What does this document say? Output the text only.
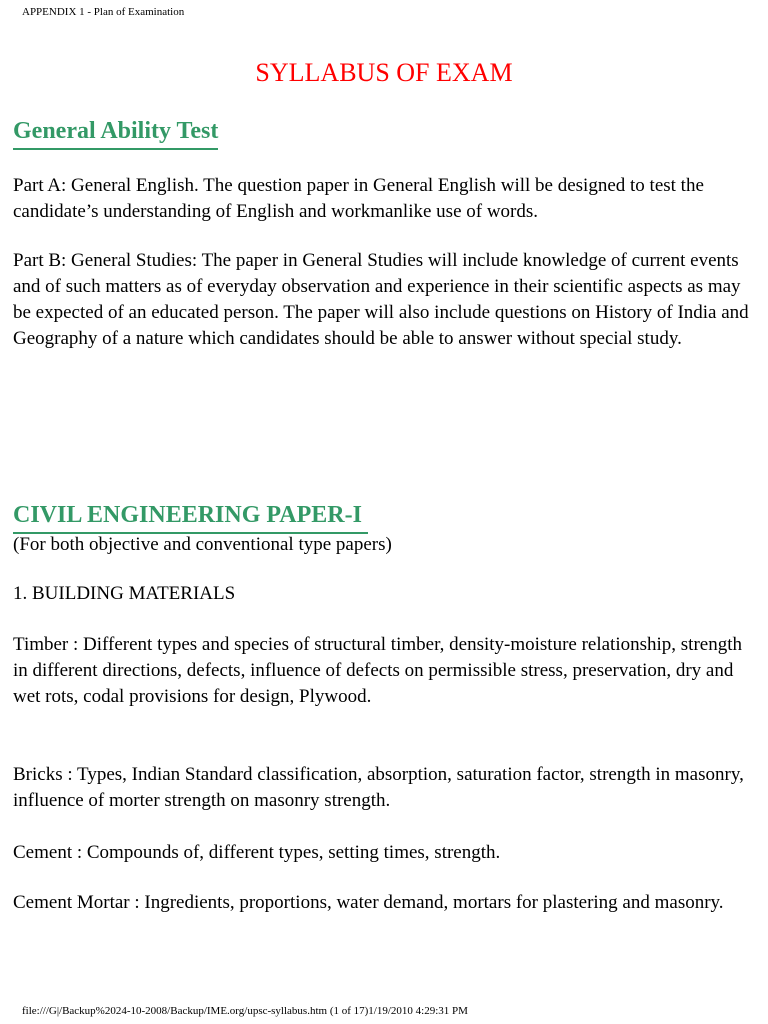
APPENDIX 1 - Plan of Examination
SYLLABUS OF EXAM
General Ability Test

Part A: General English. The question paper in General English will be designed to test the candidate’s understanding of English and workmanlike use of words.

Part B: General Studies: The paper in General Studies will include knowledge of current events and of such matters as of everyday observation and experience in their scientific aspects as may be expected of an educated person. The paper will also include questions on History of India and Geography of a nature which candidates should be able to answer without special study.

CIVIL ENGINEERING PAPER-I

(For both objective and conventional type papers)

1. BUILDING MATERIALS

Timber : Different types and species of structural timber, density-moisture relationship, strength in different directions, defects, influence of defects on permissible stress, preservation, dry and wet rots, codal provisions for design, Plywood.

Bricks : Types, Indian Standard classification, absorption, saturation factor, strength in masonry, influence of morter strength on masonry strength.

Cement : Compounds of, different types, setting times, strength.

Cement Mortar : Ingredients, proportions, water demand, mortars for plastering and masonry.

file:///G|/Backup%2024-10-2008/Backup/IME.org/upsc-syllabus.htm (1 of 17)1/19/2010 4:29:31 PM
